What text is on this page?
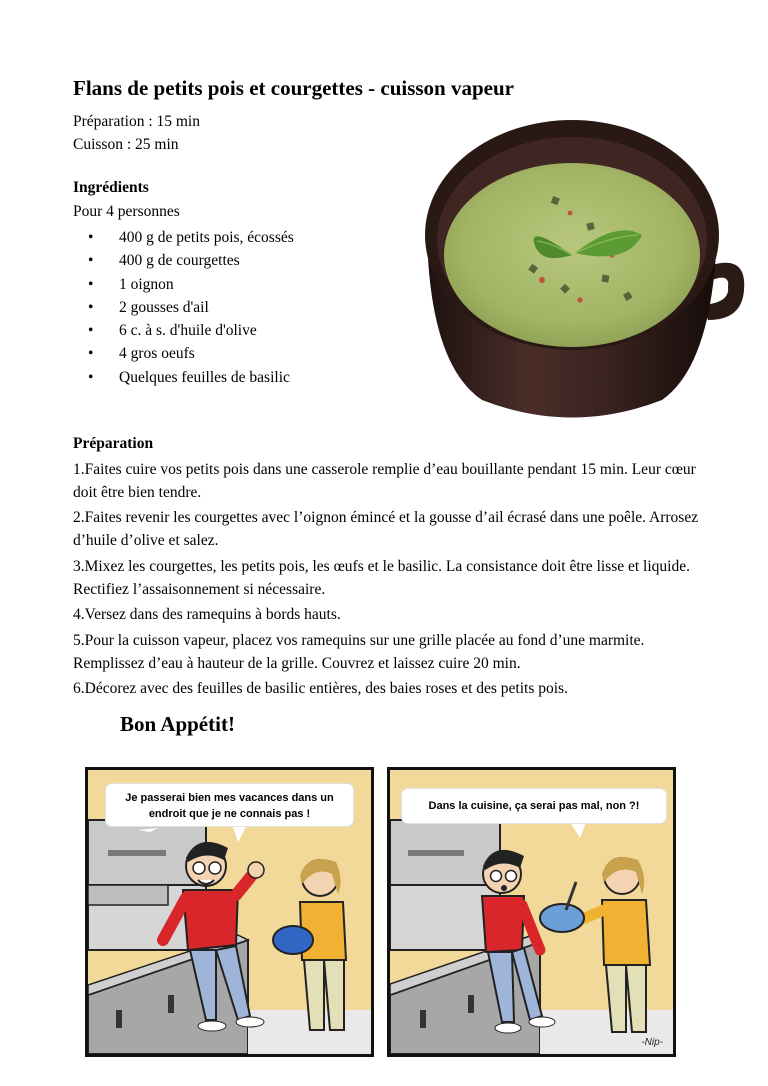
Flans de petits pois et courgettes - cuisson vapeur
Préparation : 15 min
Cuisson : 25 min
Ingrédients
Pour 4 personnes
• 400 g de petits pois, écossés
• 400 g de courgettes
• 1 oignon
• 2 gousses d'ail
• 6 c. à s. d'huile d'olive
• 4 gros oeufs
• Quelques feuilles de basilic
Préparation

1.Faites cuire vos petits pois dans une casserole remplie d’eau bouillante pendant 15 min. Leur cœur doit être bien tendre.

2.Faites revenir les courgettes avec l’oignon émincé et la gousse d’ail écrasé dans une poêle. Arrosez d’huile d’olive et salez.

3.Mixez les courgettes, les petits pois, les œufs et le basilic. La consistance doit être lisse et liquide. Rectifiez l’assaisonnement si nécessaire.

4.Versez dans des ramequins à bords hauts.

5.Pour la cuisson vapeur, placez vos ramequins sur une grille placée au fond d’une marmite. Remplissez d’eau à hauteur de la grille. Couvrez et laissez cuire 20 min.

6.Décorez avec des feuilles de basilic entières, des baies roses et des petits pois.

Bon Appétit!
Je passerai bien mes vacances dans un endroit que je ne connais pas !
Dans la cuisine, ça serai pas mal, non ?!
-Nip-
